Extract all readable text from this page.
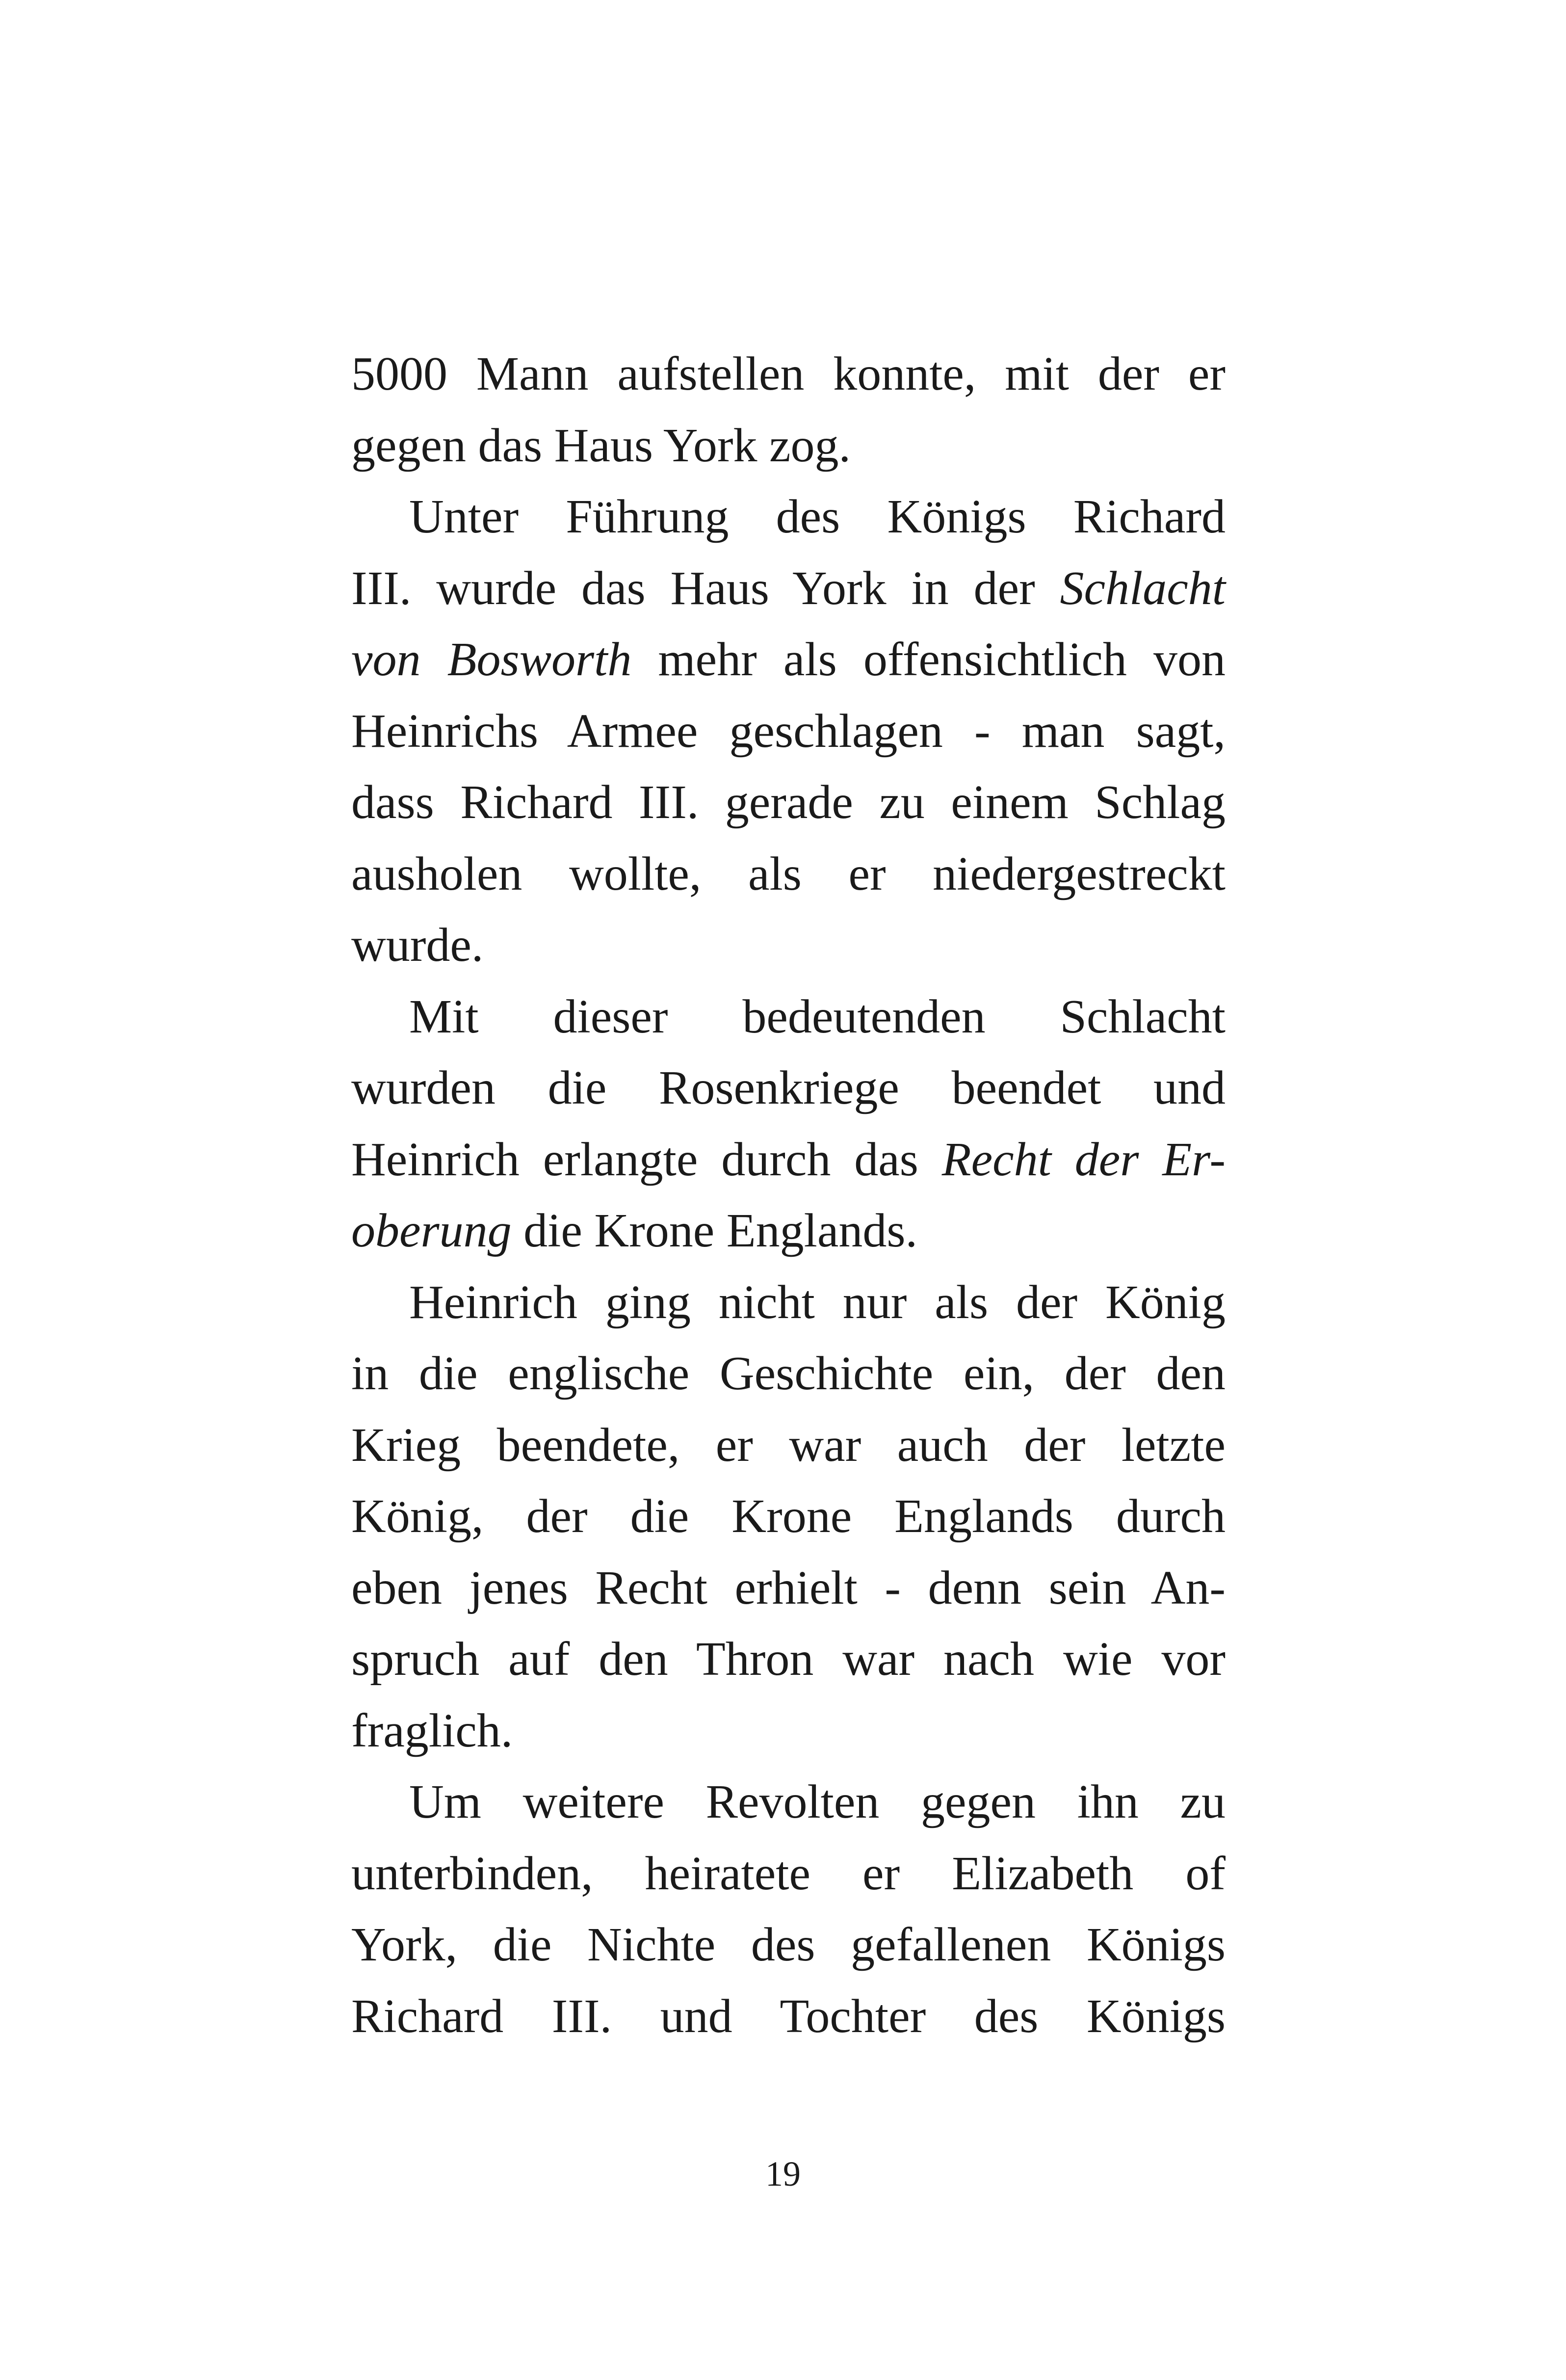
5000 Mann aufstellen konnte, mit der er
gegen das Haus York zog.
Unter Führung des Königs Richard
III. wurde das Haus York in der Schlacht
von Bosworth mehr als offensichtlich von
Heinrichs Armee geschlagen - man sagt,
dass Richard III. gerade zu einem Schlag
ausholen wollte, als er niedergestreckt
wurde.
Mit dieser bedeutenden Schlacht
wurden die Rosenkriege beendet und
Heinrich erlangte durch das Recht der Er-
oberung die Krone Englands.
Heinrich ging nicht nur als der König
in die englische Geschichte ein, der den
Krieg beendete, er war auch der letzte
König, der die Krone Englands durch
eben jenes Recht erhielt - denn sein An-
spruch auf den Thron war nach wie vor
fraglich.
Um weitere Revolten gegen ihn zu
unterbinden, heiratete er Elizabeth of
York, die Nichte des gefallenen Königs
Richard III. und Tochter des Königs
19
